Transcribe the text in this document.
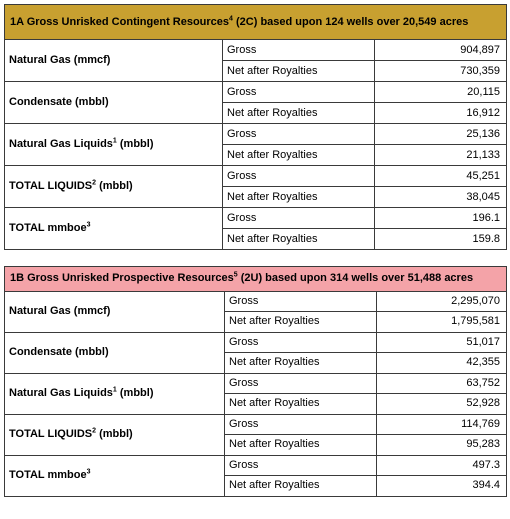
1A Gross Unrisked Contingent Resources$^4$ (2C) based upon 124 wells over 20,549 acres		
Natural Gas (mmcf)	Gross	904,897
	Net after Royalties	730,359
Condensate (mbbl)	Gross	20,115
	Net after Royalties	16,912
Natural Gas Liquids$^1$ (mbbl)	Gross	25,136
	Net after Royalties	21,133
TOTAL LIQUIDS$^2$ (mbbl)	Gross	45,251
	Net after Royalties	38,045
TOTAL mmboe$^3$	Gross	196.1
	Net after Royalties	159.8
1B Gross Unrisked Prospective Resources$^5$ (2U) based upon 314 wells over 51,488 acres		
Natural Gas (mmcf)	Gross	2,295,070
	Net after Royalties	1,795,581
Condensate (mbbl)	Gross	51,017
	Net after Royalties	42,355
Natural Gas Liquids$^1$ (mbbl)	Gross	63,752
	Net after Royalties	52,928
TOTAL LIQUIDS$^2$ (mbbl)	Gross	114,769
	Net after Royalties	95,283
TOTAL mmboe$^3$	Gross	497.3
	Net after Royalties	394.4
